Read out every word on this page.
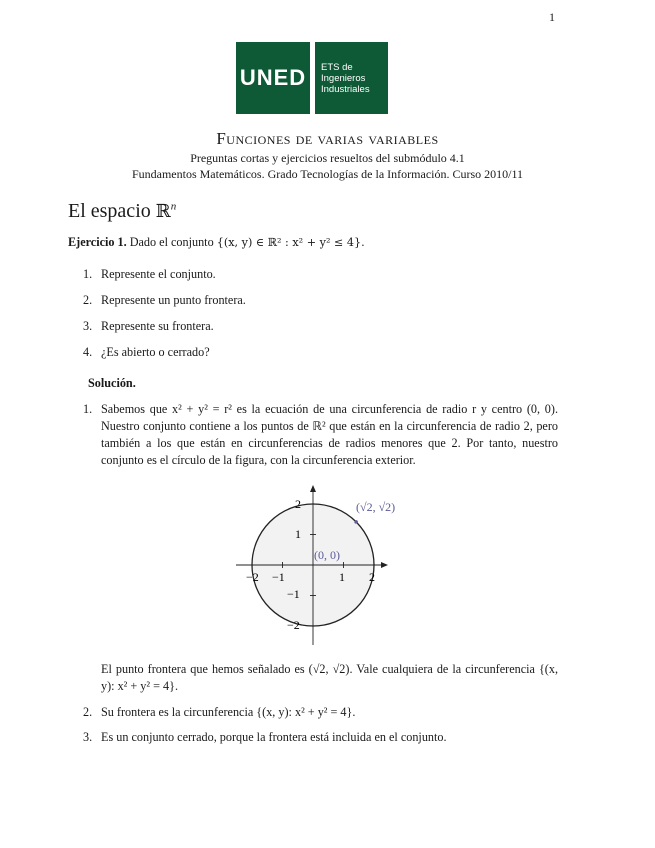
1
UNED	ETS de
Ingenieros
Industriales
Funciones de varias variables
Preguntas cortas y ejercicios resueltos del submódulo 4.1
Fundamentos Matemáticos. Grado Tecnologías de la Información. Curso 2010/11
El espacio ℝ$^n$

Ejercicio 1. Dado el conjunto {(x, y) ∈ ℝ² : x² + y² ≤ 4}.

1. Represente el conjunto.
2. Represente un punto frontera.
3. Represente su frontera.
4. ¿Es abierto o cerrado?
Solución.
1. Sabemos que x² + y² = r² es la ecuación de una circunferencia de radio r y centro (0, 0). Nuestro conjunto contiene a los puntos de ℝ² que están en la circunferencia de radio 2, pero también a los que están en circunferencias de radios menores que 2. Por tanto, nuestro conjunto es el círculo de la figura, con la circunferencia exterior.
−2 −1	1 2
2
1
−1
−2
(0, 0)
(√2, √2)
El punto frontera que hemos señalado es (√2, √2). Vale cualquiera de la circunferencia {(x, y): x² + y² = 4}.
2. Su frontera es la circunferencia {(x, y): x² + y² = 4}.
3. Es un conjunto cerrado, porque la frontera está incluida en el conjunto.
